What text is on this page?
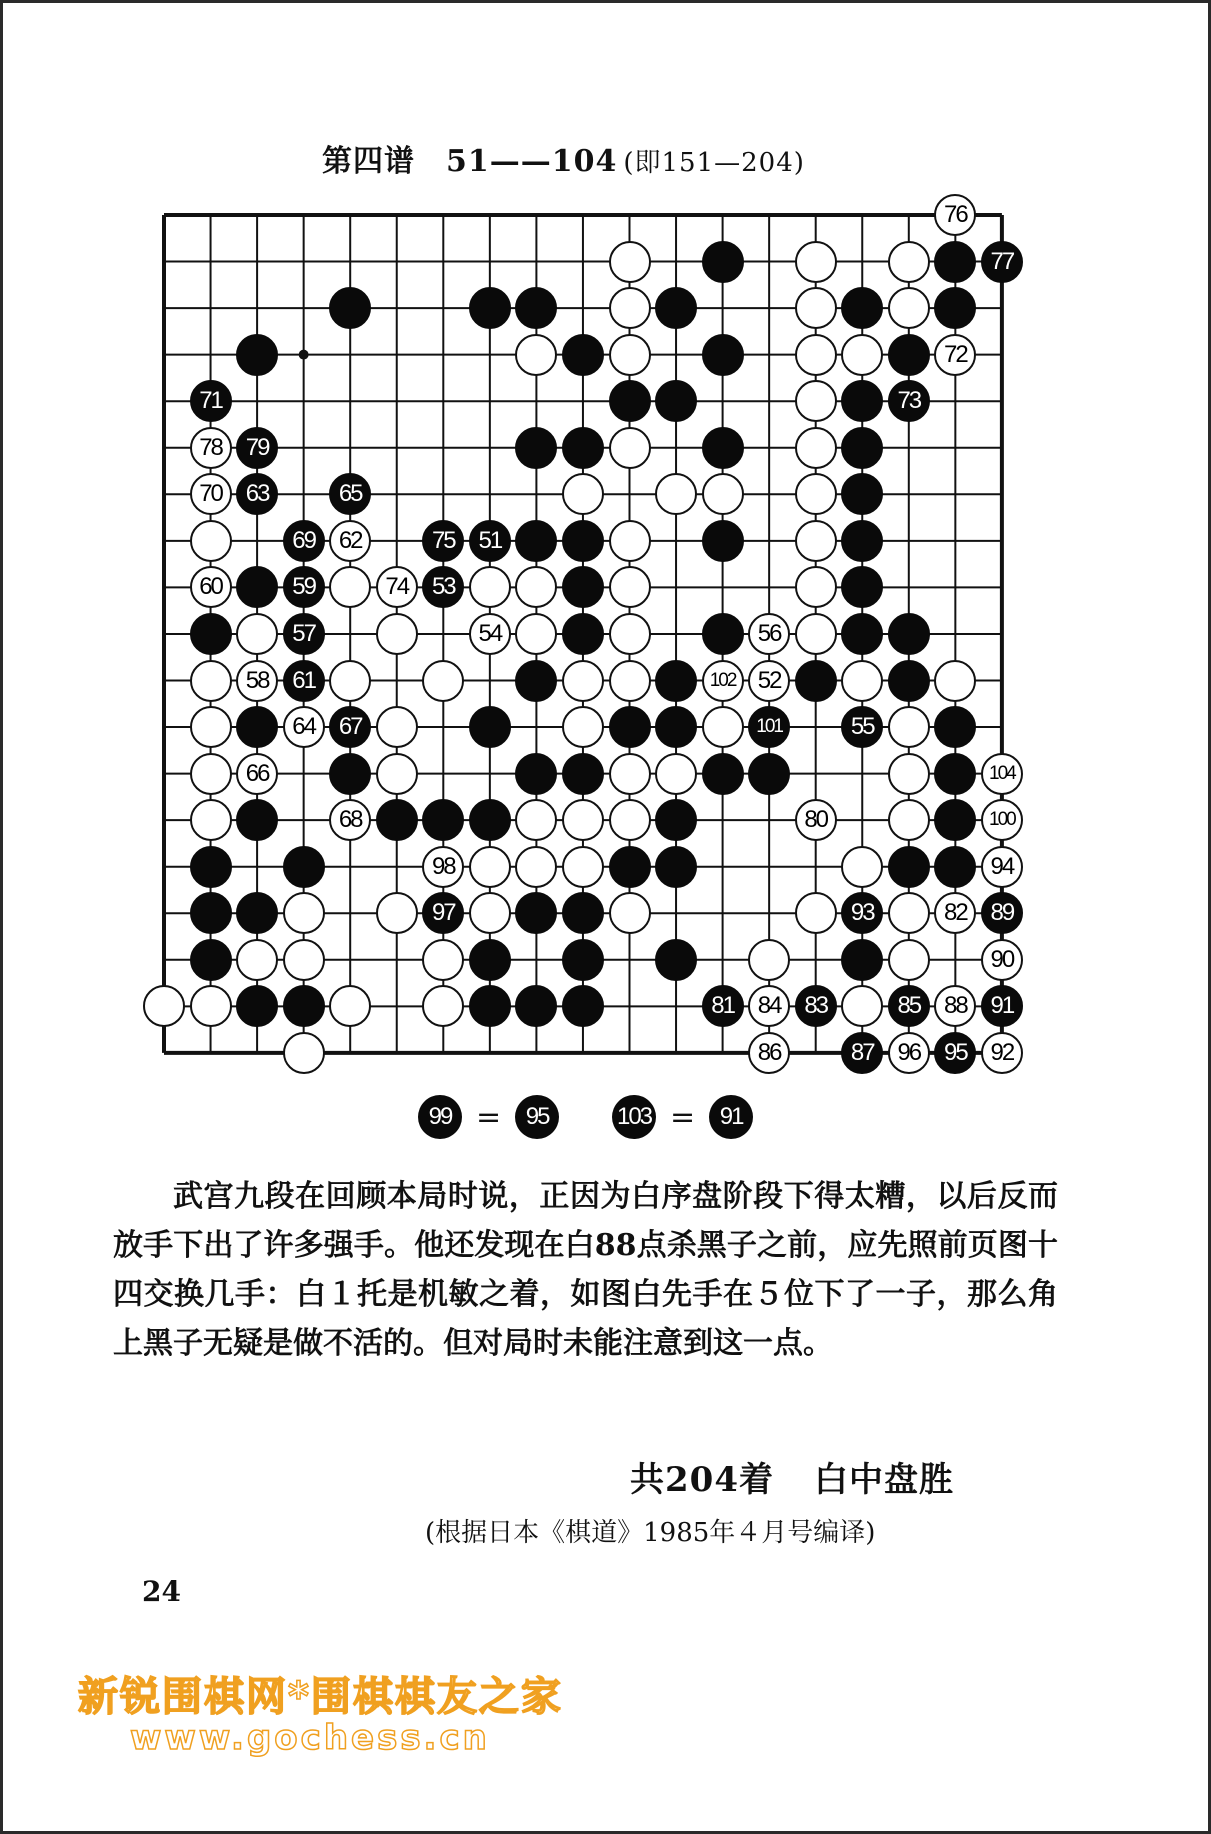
第四谱　51——104 (即151—204)
76
77
72
71	73
78 79
70 63	65
69 62	75 51
60	59	74 53
57	54	56
58 61	102 52
64 67	101	55
66	104
68	80	100
98	94
97	93	82 89
90
81 84 83	85 88 91
86	87 96 95 92
99 =	95	103 =	91

武宫九段在回顾本局时说，正因为白序盘阶段下得太糟，以后反而放手下出了许多强手。他还发现在白88点杀黑子之前，应先照前页图十四交换几手：白１托是机敏之着，如图白先手在５位下了一子，那么角上黑子无疑是做不活的。但对局时未能注意到这一点。

共204着 白中盘胜
(根据日本《棋道》1985年４月号编译)
24
新锐围棋网*围棋棋友之家
www.gochess.cn
